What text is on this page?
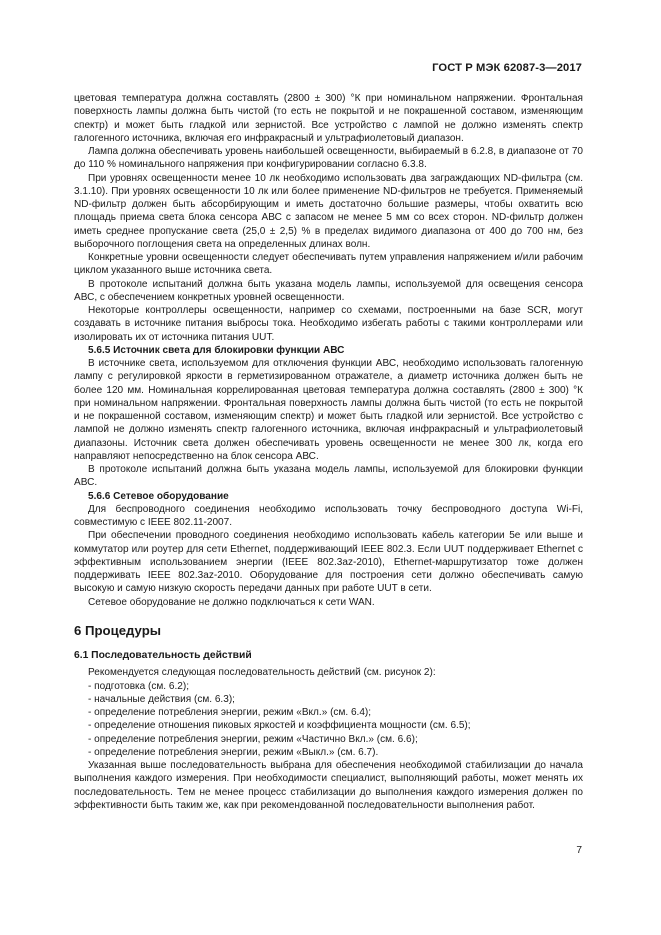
ГОСТ Р МЭК 62087-3—2017

цветовая температура должна составлять (2800 ± 300) °К при номинальном напряжении. Фронтальная поверхность лампы должна быть чистой (то есть не покрытой и не покрашенной составом, изменяющим спектр) и может быть гладкой или зернистой. Все устройство с лампой не должно изменять спектр галогенного источника, включая его инфракрасный и ультрафиолетовый диапазон.

Лампа должна обеспечивать уровень наибольшей освещенности, выбираемый в 6.2.8, в диапазоне от 70 до 110 % номинального напряжения при конфигурировании согласно 6.3.8.

При уровнях освещенности менее 10 лк необходимо использовать два заграждающих ND-фильтра (см. 3.1.10). При уровнях освещенности 10 лк или более применение ND-фильтров не требуется. Применяемый ND-фильтр должен быть абсорбирующим и иметь достаточно большие размеры, чтобы охватить всю площадь приема света блока сенсора АВС с запасом не менее 5 мм со всех сторон. ND-фильтр должен иметь среднее пропускание света (25,0 ± 2,5) % в пределах видимого диапазона от 400 до 700 нм, без выборочного поглощения света на определенных длинах волн.

Конкретные уровни освещенности следует обеспечивать путем управления напряжением и/или рабочим циклом указанного выше источника света.

В протоколе испытаний должна быть указана модель лампы, используемой для освещения сенсора АВС, с обеспечением конкретных уровней освещенности.

Некоторые контроллеры освещенности, например со схемами, построенными на базе SCR, могут создавать в источнике питания выбросы тока. Необходимо избегать работы с такими контроллерами или изолировать их от источника питания UUT.

5.6.5 Источник света для блокировки функции АВС

В источнике света, используемом для отключения функции АВС, необходимо использовать галогенную лампу с регулировкой яркости в герметизированном отражателе, а диаметр источника должен быть не более 120 мм. Номинальная коррелированная цветовая температура должна составлять (2800 ± 300) °К при номинальном напряжении. Фронтальная поверхность лампы должна быть чистой (то есть не покрытой и не покрашенной составом, изменяющим спектр) и может быть гладкой или зернистой. Все устройство с лампой не должно изменять спектр галогенного источника, включая инфракрасный и ультрафиолетовый диапазоны. Источник света должен обеспечивать уровень освещенности не менее 300 лк, когда его направляют непосредственно на блок сенсора АВС.

В протоколе испытаний должна быть указана модель лампы, используемой для блокировки функции АВС.

5.6.6 Сетевое оборудование

Для беспроводного соединения необходимо использовать точку беспроводного доступа Wi-Fi, совместимую с IEEE 802.11-2007.

При обеспечении проводного соединения необходимо использовать кабель категории 5е или выше и коммутатор или роутер для сети Ethernet, поддерживающий IEEE 802.3. Если UUT поддерживает Ethernet с эффективным использованием энергии (IEEE 802.3az-2010), Ethernet-маршрутизатор тоже должен поддерживать IEEE 802.3az-2010. Оборудование для построения сети должно обеспечивать самую высокую и самую низкую скорость передачи данных при работе UUT в сети.

Сетевое оборудование не должно подключаться к сети WAN.

6 Процедуры
6.1 Последовательность действий

Рекомендуется следующая последовательность действий (см. рисунок 2):

- подготовка (см. 6.2);

- начальные действия (см. 6.3);

- определение потребления энергии, режим «Вкл.» (см. 6.4);

- определение отношения пиковых яркостей и коэффициента мощности (см. 6.5);

- определение потребления энергии, режим «Частично Вкл.» (см. 6.6);

- определение потребления энергии, режим «Выкл.» (см. 6.7).

Указанная выше последовательность выбрана для обеспечения необходимой стабилизации до начала выполнения каждого измерения. При необходимости специалист, выполняющий работы, может менять их последовательность. Тем не менее процесс стабилизации до выполнения каждого измерения должен по эффективности быть таким же, как при рекомендованной последовательности выполнения работ.

7
